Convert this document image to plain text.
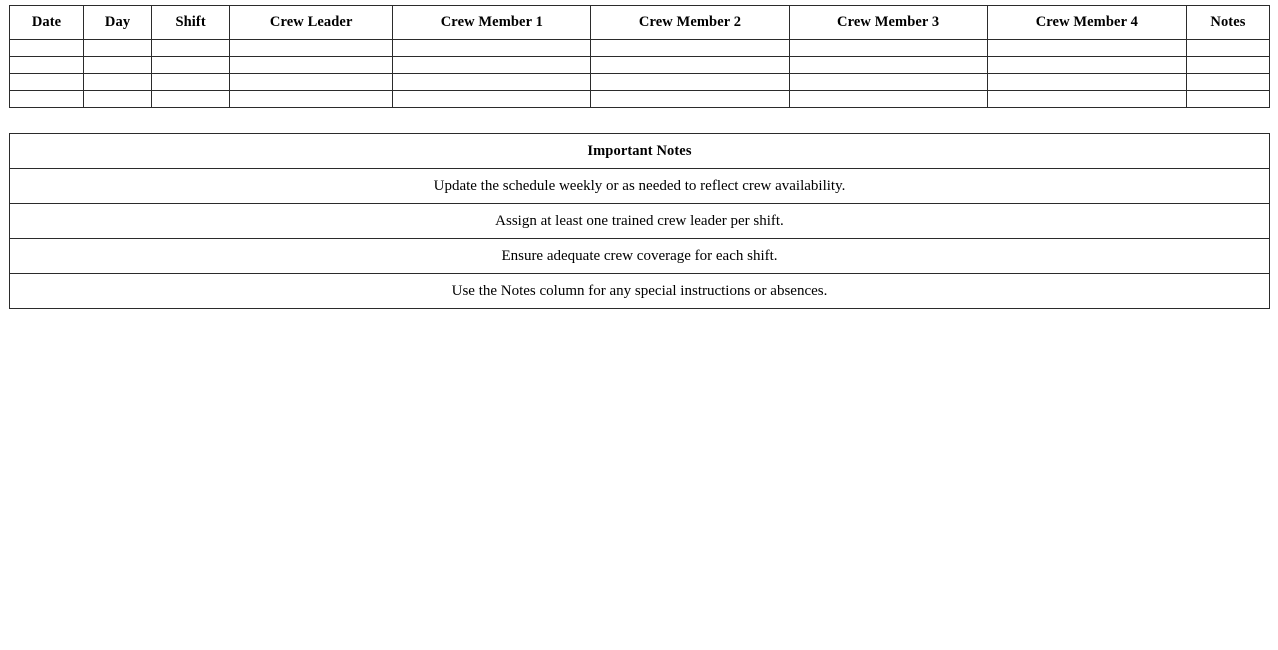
Date	Day	Shift	Crew Leader	Crew Member 1	Crew Member 2	Crew Member 3	Crew Member 4	Notes

Important Notes
Update the schedule weekly or as needed to reflect crew availability.
Assign at least one trained crew leader per shift.
Ensure adequate crew coverage for each shift.
Use the Notes column for any special instructions or absences.
